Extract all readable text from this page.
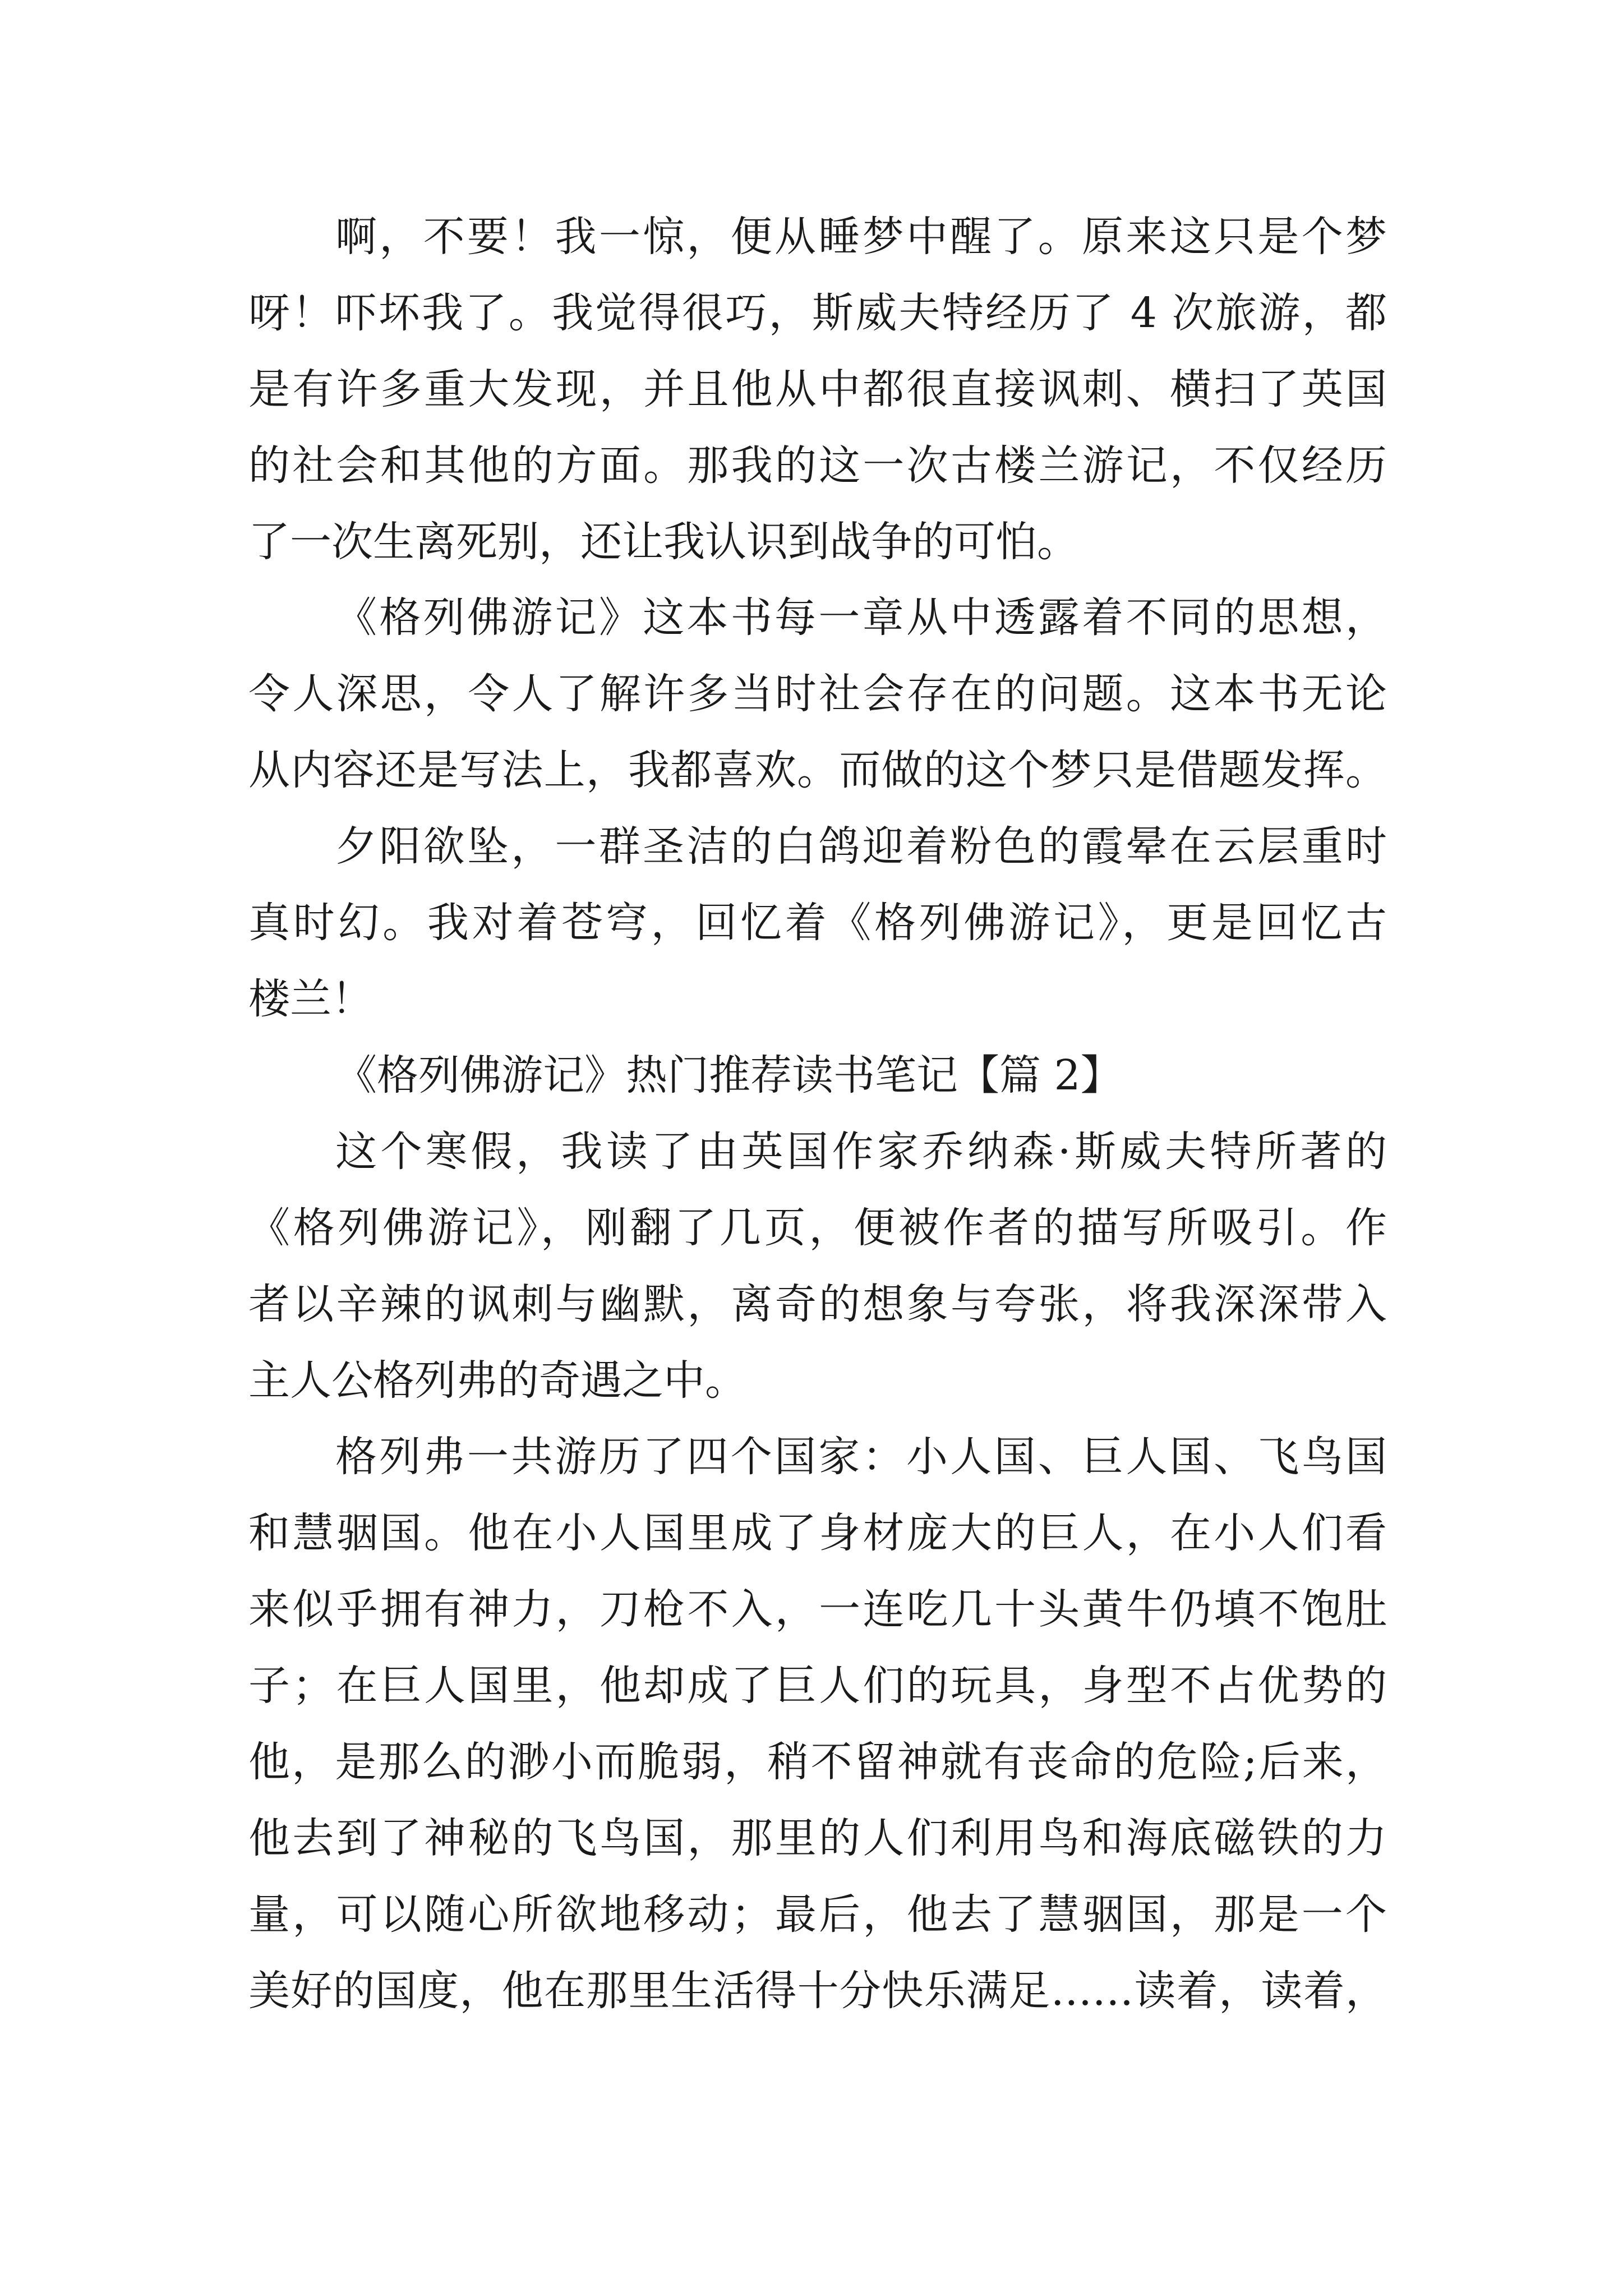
啊，不要！我一惊，便从睡梦中醒了。原来这只是个梦
呀！吓坏我了。我觉得很巧，斯威夫特经历了 4 次旅游，都
是有许多重大发现，并且他从中都很直接讽刺、横扫了英国
的社会和其他的方面。那我的这一次古楼兰游记，不仅经历
了一次生离死别，还让我认识到战争的可怕。
《格列佛游记》这本书每一章从中透露着不同的思想，
令人深思，令人了解许多当时社会存在的问题。这本书无论
从内容还是写法上，我都喜欢。而做的这个梦只是借题发挥。
夕阳欲坠，一群圣洁的白鸽迎着粉色的霞晕在云层重时
真时幻。我对着苍穹，回忆着《格列佛游记》，更是回忆古
楼兰！
《格列佛游记》热门推荐读书笔记【篇 2】
这个寒假，我读了由英国作家乔纳森·斯威夫特所著的
《格列佛游记》，刚翻了几页，便被作者的描写所吸引。作
者以辛辣的讽刺与幽默，离奇的想象与夸张，将我深深带入
主人公格列弗的奇遇之中。
格列弗一共游历了四个国家：小人国、巨人国、飞鸟国
和慧骃国。他在小人国里成了身材庞大的巨人，在小人们看
来似乎拥有神力，刀枪不入，一连吃几十头黄牛仍填不饱肚
子；在巨人国里，他却成了巨人们的玩具，身型不占优势的
他，是那么的渺小而脆弱，稍不留神就有丧命的危险;后来，
他去到了神秘的飞鸟国，那里的人们利用鸟和海底磁铁的力
量，可以随心所欲地移动；最后，他去了慧骃国，那是一个
美好的国度，他在那里生活得十分快乐满足……读着，读着，
